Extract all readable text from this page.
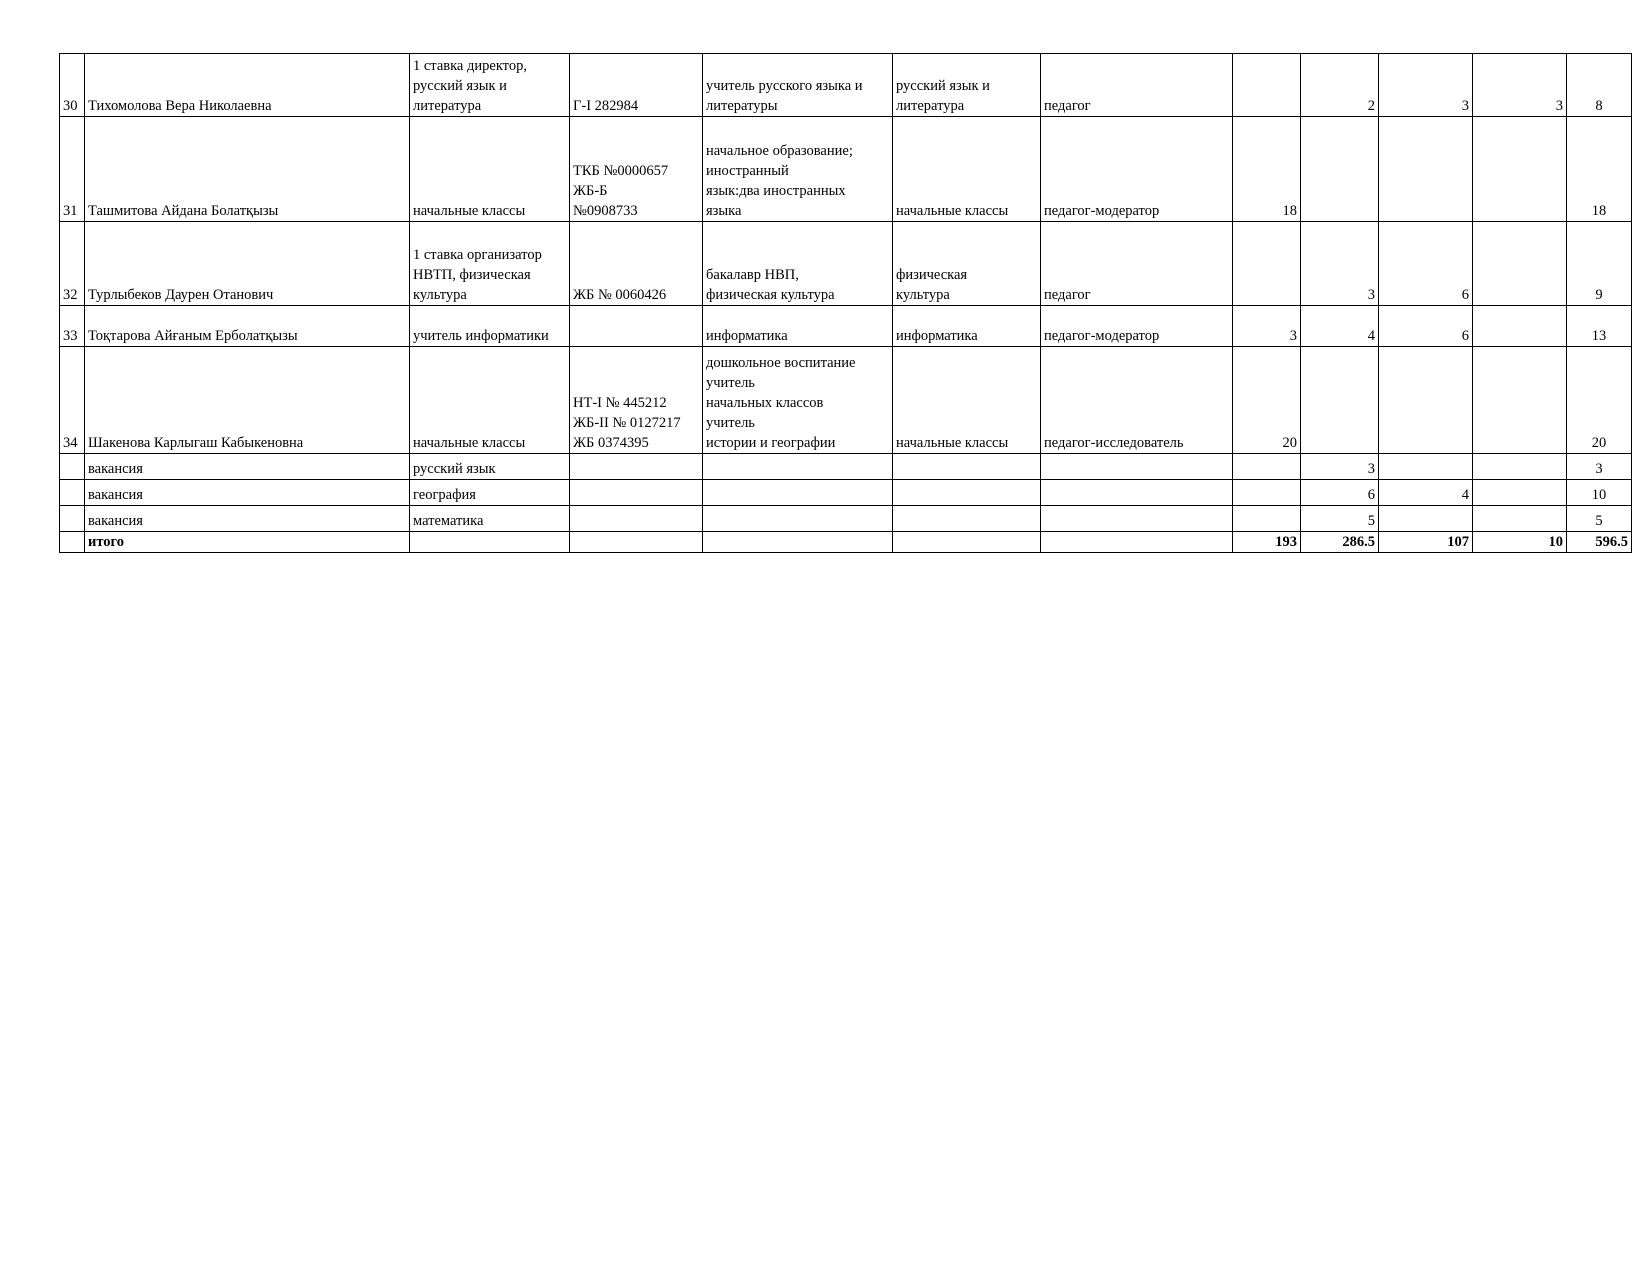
30	Тихомолова Вера Николаевна	1 ставка директор,
русский язык и
литература	Г-I 282984	учитель русского языка и
литературы	русский язык и
литература	педагог		2	3	3	8
31	Ташмитова Айдана Болатқызы	начальные классы	ТКБ №0000657
ЖБ-Б
№0908733	начальное образование;
иностранный
язык:два иностранных
языка	начальные классы	педагог-модератор	18				18
32	Турлыбеков Даурен Отанович	1 ставка организатор
НВТП, физическая
культура	ЖБ № 0060426	бакалавр НВП,
физическая культура	физическая
культура	педагог		3	6		9
33	Тоқтарова Айғаным Ерболатқызы	учитель информатики		информатика	информатика	педагог-модератор	3	4	6		13
34	Шакенова Карлыгаш Кабыкеновна	начальные классы	НТ-I № 445212
ЖБ-II № 0127217
ЖБ 0374395	дошкольное воспитание
учитель
начальных классов
учитель
истории и географии	начальные классы	педагог-исследователь	20				20
	вакансия	русский язык						3			3
	вакансия	география						6	4		10
	вакансия	математика						5			5
	итого						193	286.5	107	10	596.5
